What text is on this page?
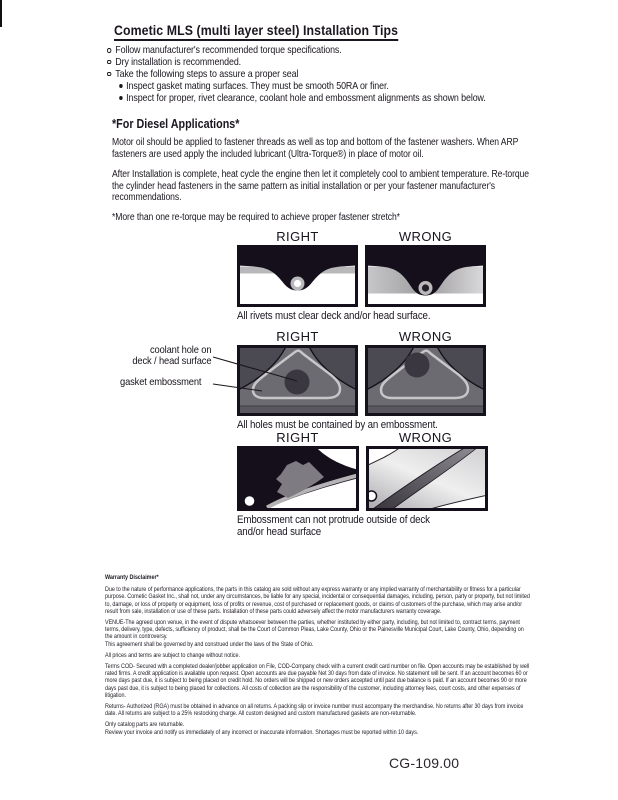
Cometic MLS (multi layer steel) Installation Tips
Follow manufacturer's recommended torque specifications.
Dry installation is recommended.
Take the following steps to assure a proper seal
Inspect gasket mating surfaces. They must be smooth 50RA or finer.
Inspect for proper, rivet clearance, coolant hole and embossment alignments as shown below.
*For Diesel Applications*

Motor oil should be applied to fastener threads as well as top and bottom of the fastener washers. When ARP fasteners are used apply the included lubricant (Ultra-Torque®) in place of motor oil.

After Installation is complete, heat cycle the engine then let it completely cool to ambient temperature. Re-torque the cylinder head fasteners in the same pattern as initial installation or per your fastener manufacturer's recommendations.

*More than one re-torque may be required to achieve proper fastener stretch*

RIGHT	WRONG
All rivets must clear deck and/or head surface.
RIGHT	WRONG
All holes must be contained by an embossment.
coolant hole on
deck / head surface
gasket embossment
RIGHT	WRONG
Embossment can not protrude outside of deck
and/or head surface

Warranty Disclaimer*

Due to the nature of performance applications, the parts in this catalog are sold without any express warranty or any implied warranty of merchantability or fitness for a particular purpose. Cometic Gasket Inc., shall not, under any circumstances, be liable for any special, incidental or consequential damages, including, person, party or property, but not limited to, damage, or loss of property or equipment, loss of profits or revenue, cost of purchased or replacement goods, or claims of customers of the purchase, which may arise and/or result from sale, installation or use of these parts. Installation of these parts could adversely affect the motor manufacturers warranty coverage.

VENUE-The agreed upon venue, in the event of dispute whatsoever between the parties, whether instituted by either party, including, but not limited to, contract terms, payment terms, delivery, type, defects, sufficiency of product, shall be the Court of Common Pleas, Lake County, Ohio or the Painesville Municipal Court, Lake County, Ohio, depending on the amount in controversy.

This agreement shall be governed by and construed under the laws of the State of Ohio.

All prices and terms are subject to change without notice.

Terms COD- Secured with a completed dealer/jobber application on File, COD-Company check with a current credit card number on file. Open accounts may be established by well rated firms. A credit application is available upon request. Open accounts are due payable Net 30 days from date of invoice. No statement will be sent. If an account becomes 60 or more days past due, it is subject to being placed on credit hold. No orders will be shipped or new orders accepted until past due balance is paid. If an account becomes 90 or more days past due, it is subject to being placed for collections. All costs of collection are the responsibility of the customer, including attorney fees, court costs, and other expenses of litigation.

Returns- Authorized (RGA) must be obtained in advance on all returns. A packing slip or invoice number must accompany the merchandise. No returns after 30 days from invoice date. All returns are subject to a 25% restocking charge. All custom designed and custom manufactured gaskets are non-returnable.

Only catalog parts are returnable.

Review your invoice and notify us immediately of any incorrect or inaccurate information. Shortages must be reported within 10 days.

CG-109.00
